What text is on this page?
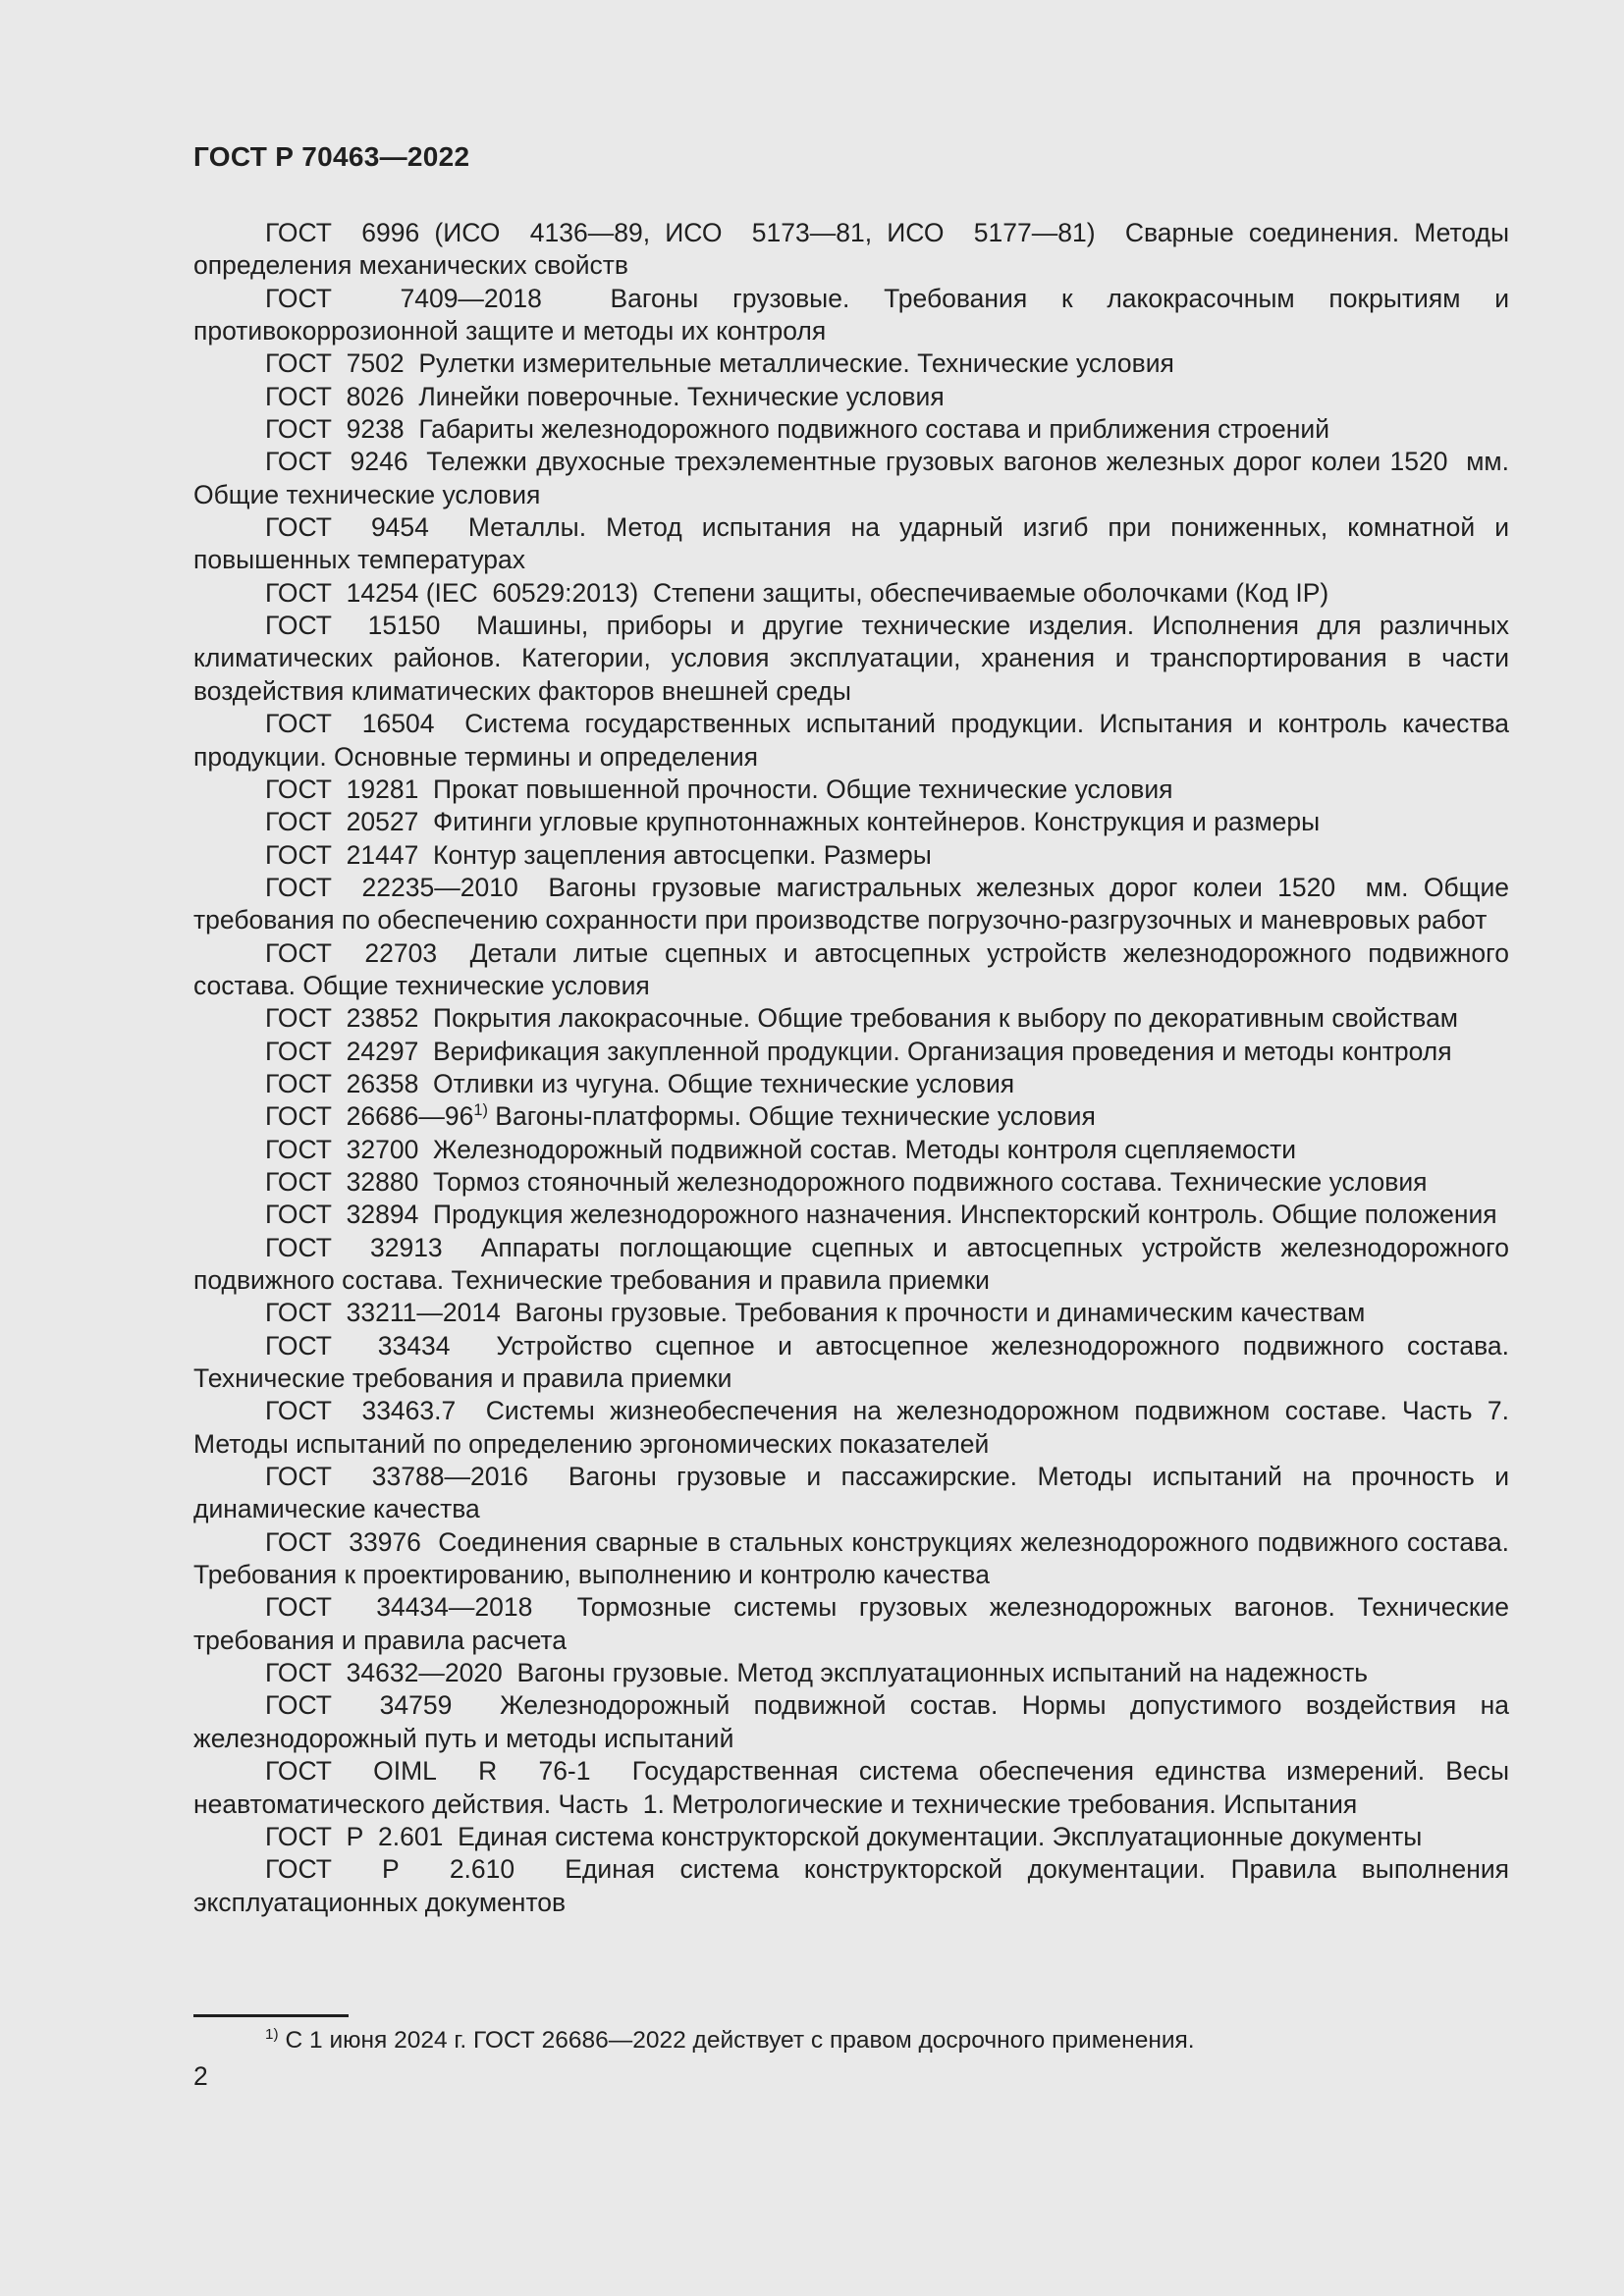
ГОСТ Р 70463—2022

ГОСТ  6996 (ИСО  4136—89, ИСО  5173—81, ИСО  5177—81)  Сварные соединения. Методы определения механических свойств

ГОСТ  7409—2018  Вагоны грузовые. Требования к лакокрасочным покрытиям и противокоррозионной защите и методы их контроля

ГОСТ  7502  Рулетки измерительные металлические. Технические условия

ГОСТ  8026  Линейки поверочные. Технические условия

ГОСТ  9238  Габариты железнодорожного подвижного состава и приближения строений

ГОСТ  9246  Тележки двухосные трехэлементные грузовых вагонов железных дорог колеи 1520  мм. Общие технические условия

ГОСТ  9454  Металлы. Метод испытания на ударный изгиб при пониженных, комнатной и повышенных температурах

ГОСТ  14254 (IEC  60529:2013)  Степени защиты, обеспечиваемые оболочками (Код IP)

ГОСТ  15150  Машины, приборы и другие технические изделия. Исполнения для различных климатических районов. Категории, условия эксплуатации, хранения и транспортирования в части воздействия климатических факторов внешней среды

ГОСТ  16504  Система государственных испытаний продукции. Испытания и контроль качества продукции. Основные термины и определения

ГОСТ  19281  Прокат повышенной прочности. Общие технические условия

ГОСТ  20527  Фитинги угловые крупнотоннажных контейнеров. Конструкция и размеры

ГОСТ  21447  Контур зацепления автосцепки. Размеры

ГОСТ  22235—2010  Вагоны грузовые магистральных железных дорог колеи 1520  мм. Общие требования по обеспечению сохранности при производстве погрузочно-разгрузочных и маневровых работ

ГОСТ  22703  Детали литые сцепных и автосцепных устройств железнодорожного подвижного состава. Общие технические условия

ГОСТ  23852  Покрытия лакокрасочные. Общие требования к выбору по декоративным свойствам

ГОСТ  24297  Верификация закупленной продукции. Организация проведения и методы контроля

ГОСТ  26358  Отливки из чугуна. Общие технические условия

ГОСТ  26686—96$^{1)}$ Вагоны-платформы. Общие технические условия

ГОСТ  32700  Железнодорожный подвижной состав. Методы контроля сцепляемости

ГОСТ  32880  Тормоз стояночный железнодорожного подвижного состава. Технические условия

ГОСТ  32894  Продукция железнодорожного назначения. Инспекторский контроль. Общие положения

ГОСТ  32913  Аппараты поглощающие сцепных и автосцепных устройств железнодорожного подвижного состава. Технические требования и правила приемки

ГОСТ  33211—2014  Вагоны грузовые. Требования к прочности и динамическим качествам

ГОСТ  33434  Устройство сцепное и автосцепное железнодорожного подвижного состава. Технические требования и правила приемки

ГОСТ  33463.7  Системы жизнеобеспечения на железнодорожном подвижном составе. Часть 7. Методы испытаний по определению эргономических показателей

ГОСТ  33788—2016  Вагоны грузовые и пассажирские. Методы испытаний на прочность и динамические качества

ГОСТ  33976  Соединения сварные в стальных конструкциях железнодорожного подвижного состава. Требования к проектированию, выполнению и контролю качества

ГОСТ  34434—2018  Тормозные системы грузовых железнодорожных вагонов. Технические требования и правила расчета

ГОСТ  34632—2020  Вагоны грузовые. Метод эксплуатационных испытаний на надежность

ГОСТ  34759  Железнодорожный подвижной состав. Нормы допустимого воздействия на железнодорожный путь и методы испытаний

ГОСТ  OIML  R  76-1  Государственная система обеспечения единства измерений. Весы неавтоматического действия. Часть  1. Метрологические и технические требования. Испытания

ГОСТ  Р  2.601  Единая система конструкторской документации. Эксплуатационные документы

ГОСТ  Р  2.610  Единая система конструкторской документации. Правила выполнения эксплуатационных документов

$^{1)}$ С 1 июня 2024 г. ГОСТ 26686—2022 действует с правом досрочного применения.

2
